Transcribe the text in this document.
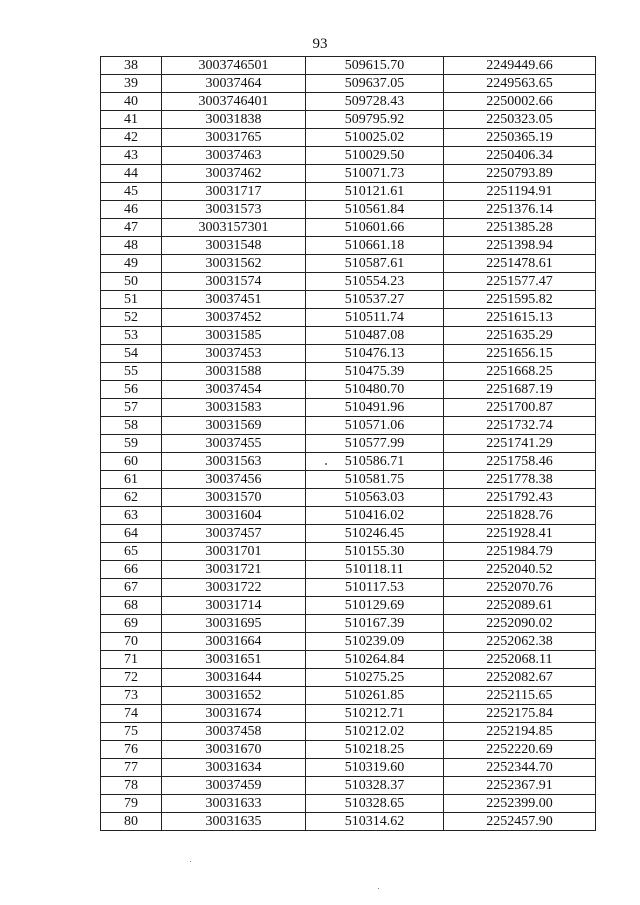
93
38	3003746501	509615.70	2249449.66
39	30037464	509637.05	2249563.65
40	3003746401	509728.43	2250002.66
41	30031838	509795.92	2250323.05
42	30031765	510025.02	2250365.19
43	30037463	510029.50	2250406.34
44	30037462	510071.73	2250793.89
45	30031717	510121.61	2251194.91
46	30031573	510561.84	2251376.14
47	3003157301	510601.66	2251385.28
48	30031548	510661.18	2251398.94
49	30031562	510587.61	2251478.61
50	30031574	510554.23	2251577.47
51	30037451	510537.27	2251595.82
52	30037452	510511.74	2251615.13
53	30031585	510487.08	2251635.29
54	30037453	510476.13	2251656.15
55	30031588	510475.39	2251668.25
56	30037454	510480.70	2251687.19
57	30031583	510491.96	2251700.87
58	30031569	510571.06	2251732.74
59	30037455	510577.99	2251741.29
60	30031563	510586.71	2251758.46
61	30037456	510581.75	2251778.38
62	30031570	510563.03	2251792.43
63	30031604	510416.02	2251828.76
64	30037457	510246.45	2251928.41
65	30031701	510155.30	2251984.79
66	30031721	510118.11	2252040.52
67	30031722	510117.53	2252070.76
68	30031714	510129.69	2252089.61
69	30031695	510167.39	2252090.02
70	30031664	510239.09	2252062.38
71	30031651	510264.84	2252068.11
72	30031644	510275.25	2252082.67
73	30031652	510261.85	2252115.65
74	30031674	510212.71	2252175.84
75	30037458	510212.02	2252194.85
76	30031670	510218.25	2252220.69
77	30031634	510319.60	2252344.70
78	30037459	510328.37	2252367.91
79	30031633	510328.65	2252399.00
80	30031635	510314.62	2252457.90
